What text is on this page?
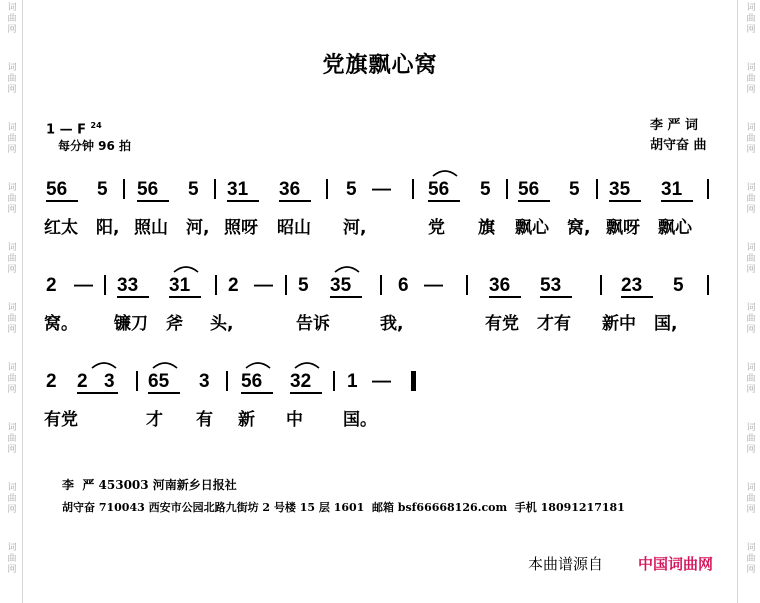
词
曲
网
词
曲
网
词
曲
网
词
曲
网
词
曲
网
词
曲
网
词
曲
网
词
曲
网
词
曲
网
词
曲
网
词
曲
网
词
曲
网
词
曲
网
词
曲
网
词
曲
网
词
曲
网
词
曲
网
词
曲
网
词
曲
网
词
曲
网
党旗飘心窝
1 — F $^{24}$
每分钟 96 拍
李 严 词
胡守奋 曲
56 5 56 5 31 36 5 — 56 5 56 5 35 31
红太 阳, 照山 河, 照呀 昭山 河,	党 旗 飘心 窝, 飘呀 飘心
2 — 33 31 2 — 5 35 6 — 36 53	23 5
窝。 镰刀 斧 头,	告诉	我,	有党 才有 新中 国,
2 2 3 65 3 56 32 1 —
有党	才 有 新 中 国。
李  严 453003 河南新乡日报社
胡守奋 710043 西安市公园北路九街坊 2 号楼 15 层 1601  邮箱 bsf66668126.com  手机 18091217181
本曲谱源自 中国词曲网
